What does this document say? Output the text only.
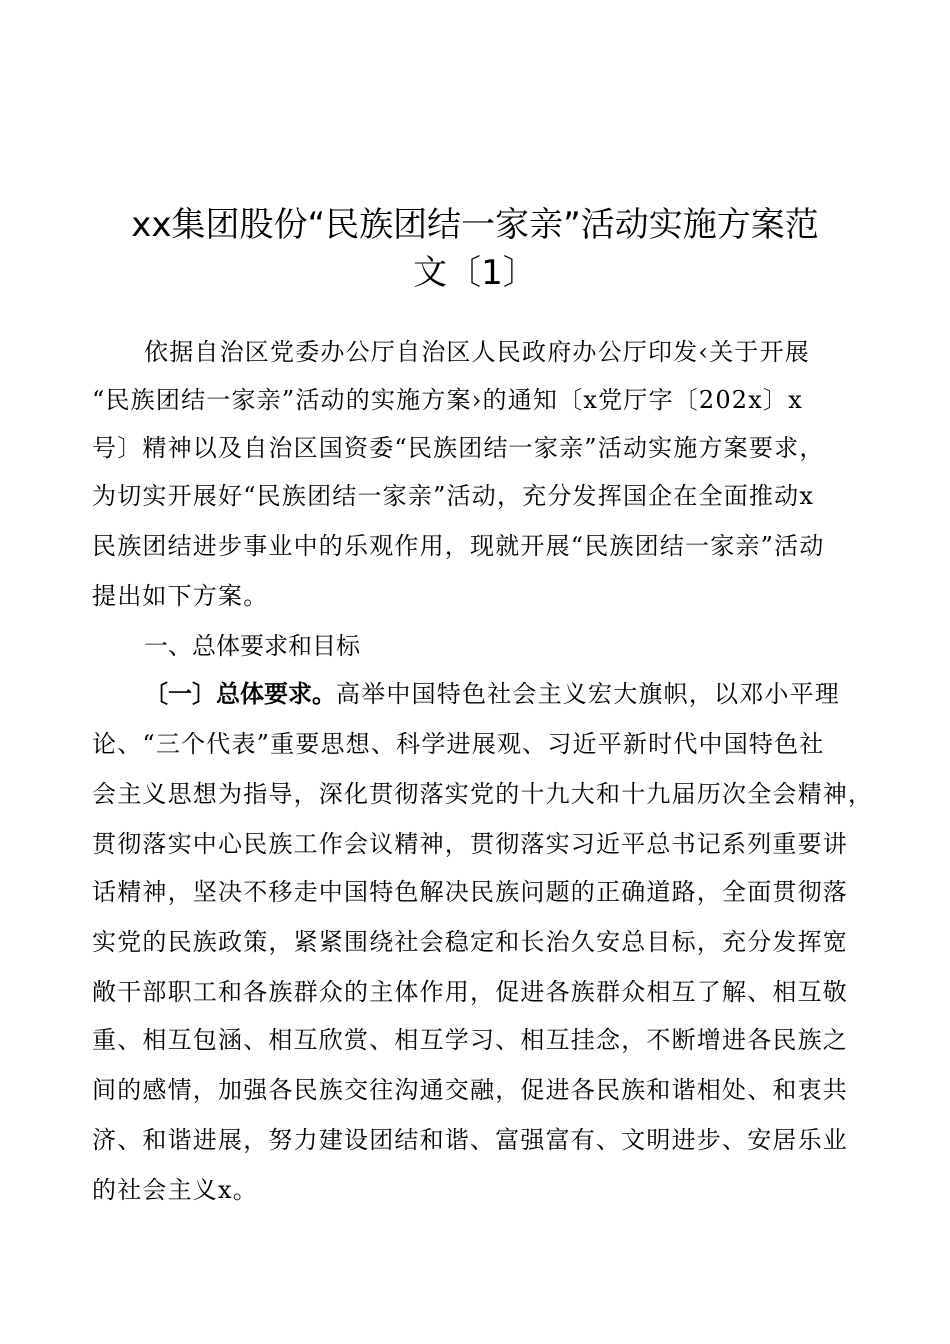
xx集团股份“民族团结一家亲”活动实施方案范
文〔1〕
依据自治区党委办公厅自治区人民政府办公厅印发‹关于开展
“民族团结一家亲”活动的实施方案›的通知〔x党厅字〔202x〕x
号〕精神以及自治区国资委“民族团结一家亲”活动实施方案要求，
为切实开展好“民族团结一家亲”活动，充分发挥国企在全面推动x
民族团结进步事业中的乐观作用，现就开展“民族团结一家亲”活动
提出如下方案。
一、总体要求和目标
〔一〕总体要求。高举中国特色社会主义宏大旗帜，以邓小平理
论、“三个代表”重要思想、科学进展观、习近平新时代中国特色社
会主义思想为指导，深化贯彻落实党的十九大和十九届历次全会精神，
贯彻落实中心民族工作会议精神，贯彻落实习近平总书记系列重要讲
话精神，坚决不移走中国特色解决民族问题的正确道路，全面贯彻落
实党的民族政策，紧紧围绕社会稳定和长治久安总目标，充分发挥宽
敞干部职工和各族群众的主体作用，促进各族群众相互了解、相互敬
重、相互包涵、相互欣赏、相互学习、相互挂念，不断增进各民族之
间的感情，加强各民族交往沟通交融，促进各民族和谐相处、和衷共
济、和谐进展，努力建设团结和谐、富强富有、文明进步、安居乐业
的社会主义x。
